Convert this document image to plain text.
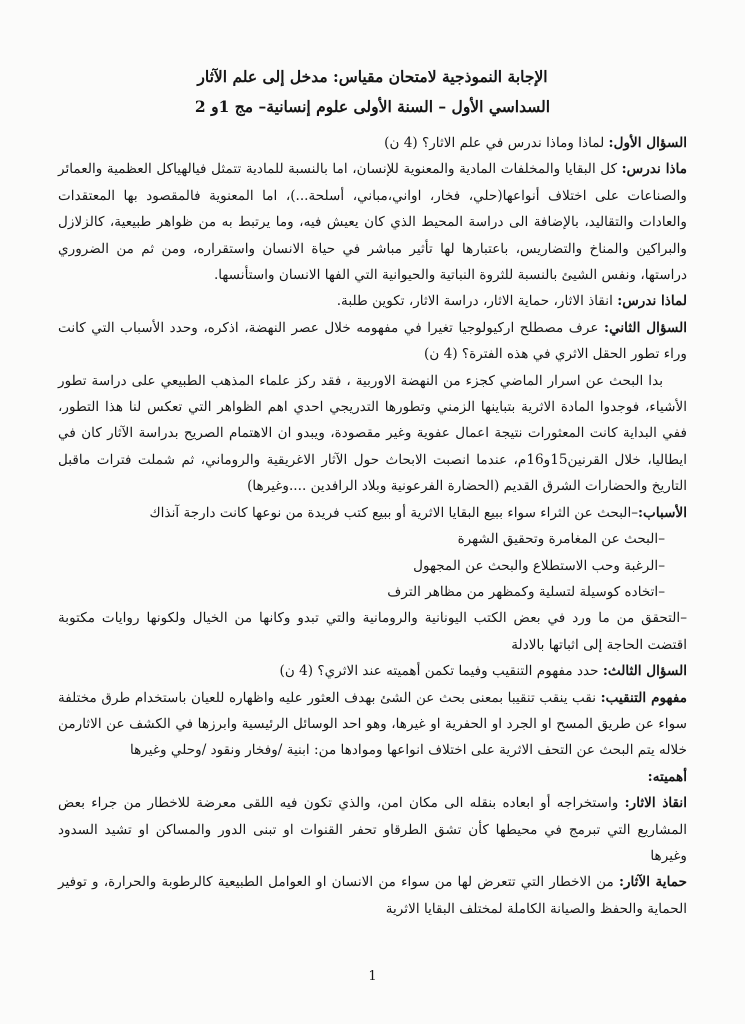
الإجابة النموذجية لامتحان مقياس: مدخل إلى علم الآثار
السداسي الأول – السنة الأولى علوم إنسانية– مج 1و 2

السؤال الأول: لماذا وماذا ندرس في علم الاثار؟ (4 ن)

ماذا ندرس: كل البقايا والمخلفات المادية والمعنوية للإنسان، اما بالنسبة للمادية تتمثل فيالهياكل العظمية والعمائر والصناعات على اختلاف أنواعها(حلي، فخار، اواني،مباني، أسلحة...)، اما المعنوية فالمقصود بها المعتقدات والعادات والتقاليد، بالإضافة الى دراسة المحيط الذي كان يعيش فيه، وما يرتبط به من ظواهر طبيعية، كالزلازل والبراكين والمناخ والتضاريس، باعتبارها لها تأثير مباشر في حياة الانسان واستقراره، ومن ثم من الضروري دراستها، ونفس الشيئ بالنسبة للثروة النباتية والحيوانية التي الفها الانسان واستأنسها.

لماذا ندرس: انقاذ الاثار، حماية الاثار، دراسة الاثار، تكوين طلبة.

السؤال الثاني: عرف مصطلح اركيولوجيا تغيرا في مفهومه خلال عصر النهضة، اذكره، وحدد الأسباب التي كانت وراء تطور الحقل الاثري في هذه الفترة؟ (4 ن)

بدا البحث عن اسرار الماضي كجزء من النهضة الاوربية ، فقد ركز علماء المذهب الطبيعي على دراسة تطور الأشياء، فوجدوا المادة الاثرية بتباينها الزمني وتطورها التدريجي احدي اهم الظواهر التي تعكس لنا هذا التطور، ففي البداية كانت المعثورات نتيجة اعمال عفوية وغير مقصودة، ويبدو ان الاهتمام الصريح بدراسة الآثار كان في ايطاليا، خلال القرنين15و16م، عندما انصبت الابحاث حول الآثار الاغريقية والروماني، ثم شملت فترات ماقبل التاريخ والحضارات الشرق القديم (الحضارة الفرعونية وبلاد الرافدين ....وغيرها)

الأسباب:–البحث عن الثراء سواء ببيع البقايا الاثرية أو ببيع كتب فريدة من نوعها كانت دارجة آنذاك

–البحث عن المغامرة وتحقيق الشهرة

–الرغبة وحب الاستطلاع والبحث عن المجهول

–اتخاده كوسيلة لتسلية وكمظهر من مظاهر الترف

–التحقق من ما ورد في بعض الكتب اليونانية والرومانية والتي تبدو وكانها من الخيال ولكونها روايات مكتوبة اقتضت الحاجة إلى اثباتها بالادلة

السؤال الثالث: حدد مفهوم التنقيب وفيما تكمن أهميته عند الاثري؟ (4 ن)

مفهوم التنقيب: نقب ينقب تنقيبا بمعنى بحث عن الشئ بهدف العثور عليه واظهاره للعيان باستخدام طرق مختلفة سواء عن طريق المسح او الجرد او الحفرية او غيرها، وهو احد الوسائل الرئيسية وابرزها في الكشف عن الاثارمن خلاله يتم البحث عن التحف الاثرية على اختلاف انواعها وموادها من: ابنية /وفخار ونقود /وحلي وغيرها

أهميته:

انقاذ الاثار: واستخراجه أو ابعاده بنقله الى مكان امن، والذي تكون فيه اللقى معرضة للاخطار من جراء بعض المشاريع التي تبرمج في محيطها كأن تشق الطرقاو تحفر القنوات او تبنى الدور والمساكن او تشيد السدود وغيرها

حماية الآثار: من الاخطار التي تتعرض لها من سواء من الانسان او العوامل الطبيعية كالرطوبة والحرارة، و توفير الحماية والحفظ والصيانة الكاملة لمختلف البقايا الاثرية

1
